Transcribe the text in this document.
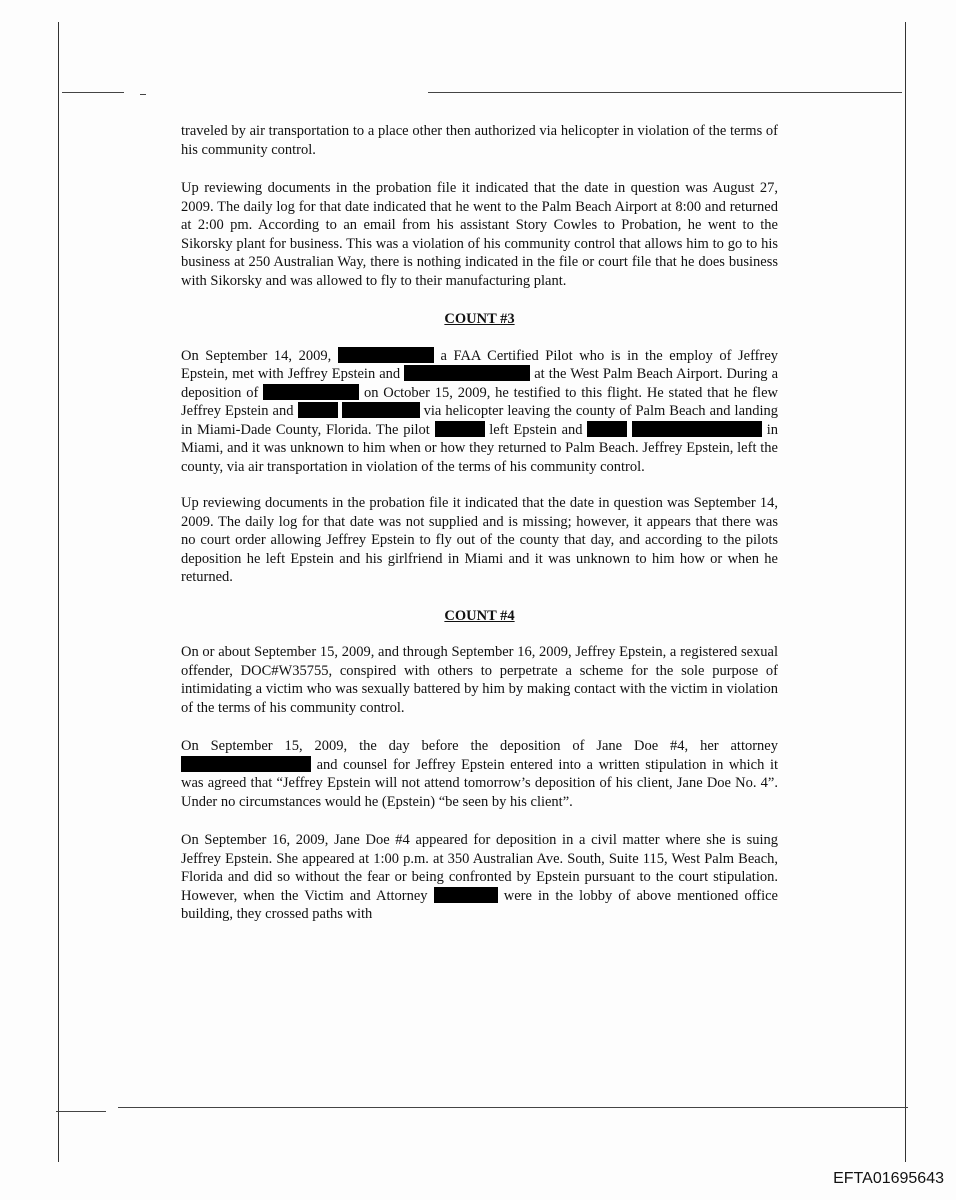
traveled by air transportation to a place other then authorized via helicopter in violation of the terms of his community control.

Up reviewing documents in the probation file it indicated that the date in question was August 27, 2009. The daily log for that date indicated that he went to the Palm Beach Airport at 8:00 and returned at 2:00 pm. According to an email from his assistant Story Cowles to Probation, he went to the Sikorsky plant for business. This was a violation of his community control that allows him to go to his business at 250 Australian Way, there is nothing indicated in the file or court file that he does business with Sikorsky and was allowed to fly to their manufacturing plant.

COUNT #3

On September 14, 2009,	a FAA Certified Pilot who is in the employ of Jeffrey Epstein, met with Jeffrey Epstein and	at the West Palm Beach Airport. During a deposition of	on October 15, 2009, he testified to this flight. He stated that he flew Jeffrey Epstein and	via helicopter leaving the county of Palm Beach and landing in Miami-Dade County, Florida. The pilot	left Epstein and	in Miami, and it was unknown to him when or how they returned to Palm Beach. Jeffrey Epstein, left the county, via air transportation in violation of the terms of his community control.

Up reviewing documents in the probation file it indicated that the date in question was September 14, 2009. The daily log for that date was not supplied and is missing; however, it appears that there was no court order allowing Jeffrey Epstein to fly out of the county that day, and according to the pilots deposition he left Epstein and his girlfriend in Miami and it was unknown to him how or when he returned.

COUNT #4

On or about September 15, 2009, and through September 16, 2009, Jeffrey Epstein, a registered sexual offender, DOC#W35755, conspired with others to perpetrate a scheme for the sole purpose of intimidating a victim who was sexually battered by him by making contact with the victim in violation of the terms of his community control.

On September 15, 2009, the day before the deposition of Jane Doe #4, her attorney  and counsel for Jeffrey Epstein entered into a written stipulation in which it was agreed that “Jeffrey Epstein will not attend tomorrow’s deposition of his client, Jane Doe No. 4”. Under no circumstances would he (Epstein) “be seen by his client”.

On September 16, 2009, Jane Doe #4 appeared for deposition in a civil matter where she is suing Jeffrey Epstein. She appeared at 1:00 p.m. at 350 Australian Ave. South, Suite 115, West Palm Beach, Florida and did so without the fear or being confronted by Epstein pursuant to the court stipulation. However, when the Victim and Attorney	were in the lobby of above mentioned office building, they crossed paths with

EFTA01695643
